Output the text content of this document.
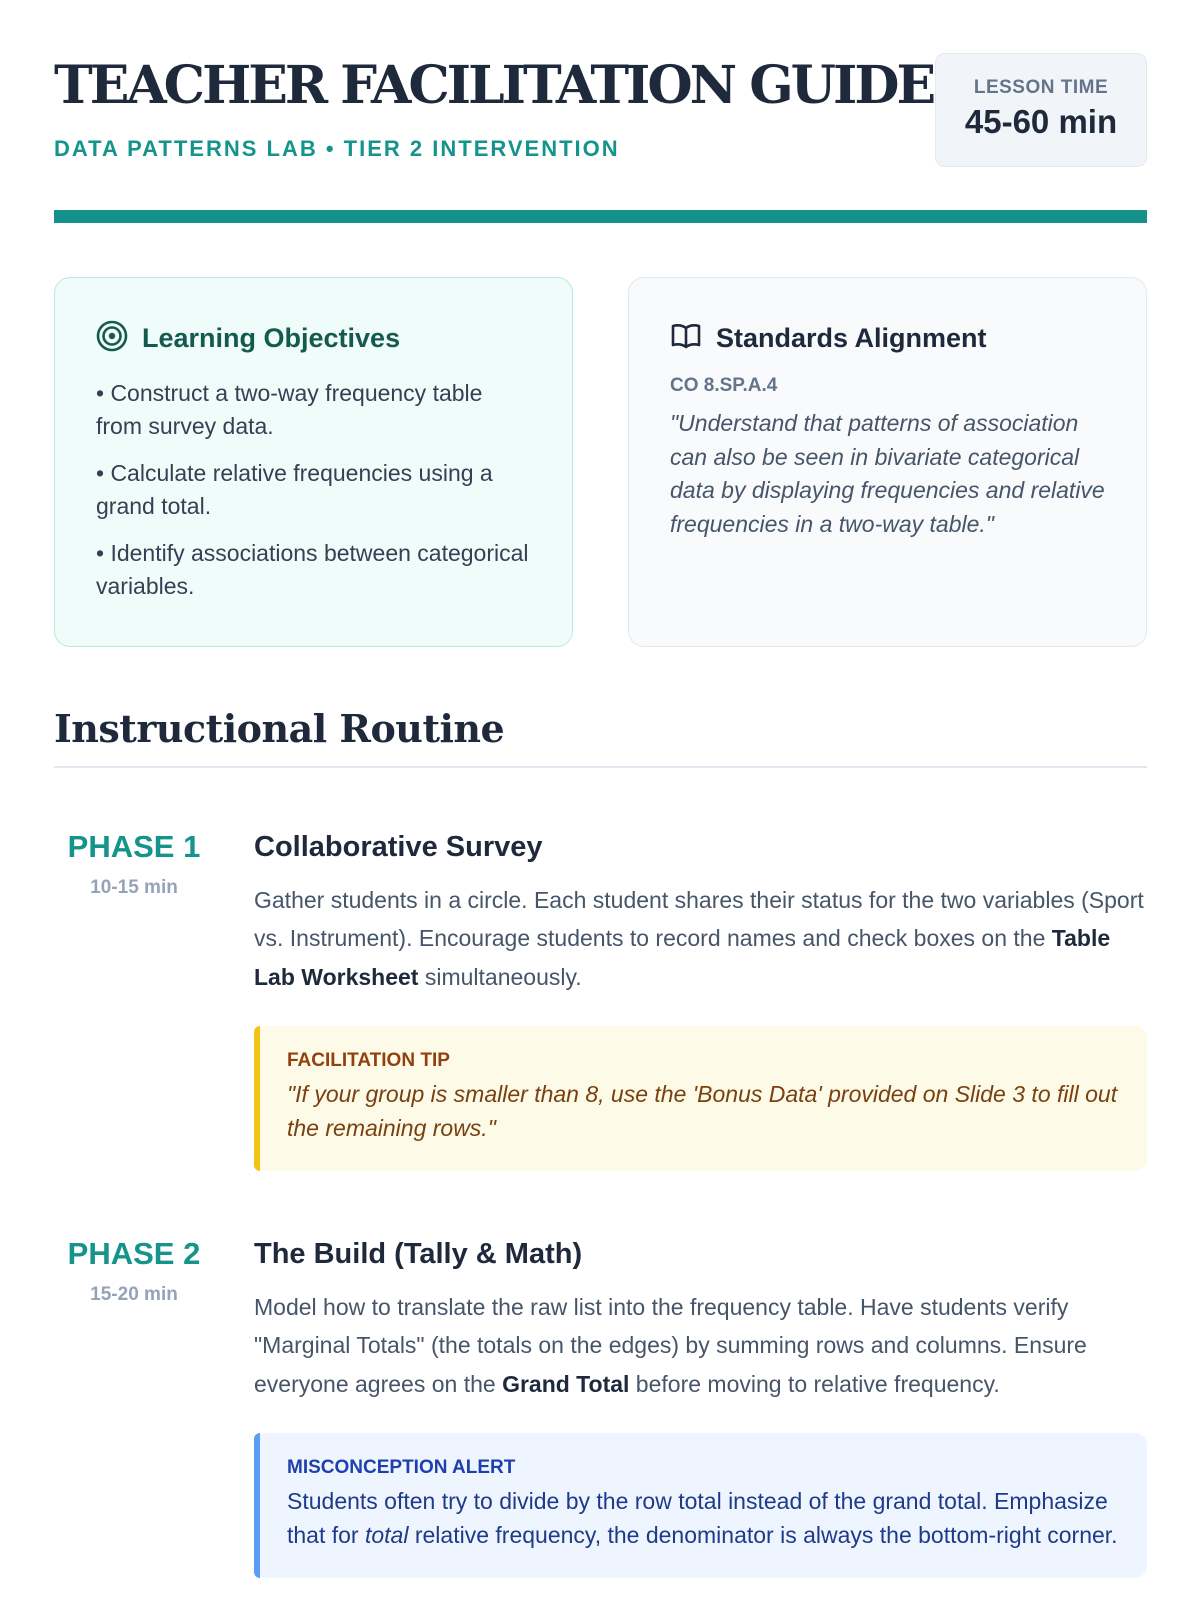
TEACHER FACILITATION GUIDE
DATA PATTERNS LAB • TIER 2 INTERVENTION
LESSON TIME
45-60 min
Learning Objectives
• Construct a two-way frequency table from survey data.
• Calculate relative frequencies using a grand total.
• Identify associations between categorical variables.
Standards Alignment
CO 8.SP.A.4
"Understand that patterns of association can also be seen in bivariate categorical data by displaying frequencies and relative frequencies in a two-way table."
Instructional Routine
PHASE 1
10-15 min
Collaborative Survey
Gather students in a circle. Each student shares their status for the two variables (Sport vs. Instrument). Encourage students to record names and check boxes on the Table Lab Worksheet simultaneously.
FACILITATION TIP
"If your group is smaller than 8, use the 'Bonus Data' provided on Slide 3 to fill out the remaining rows."
PHASE 2
15-20 min
The Build (Tally & Math)
Model how to translate the raw list into the frequency table. Have students verify "Marginal Totals" (the totals on the edges) by summing rows and columns. Ensure everyone agrees on the Grand Total before moving to relative frequency.
MISCONCEPTION ALERT
Students often try to divide by the row total instead of the grand total. Emphasize that for total relative frequency, the denominator is always the bottom-right corner.
